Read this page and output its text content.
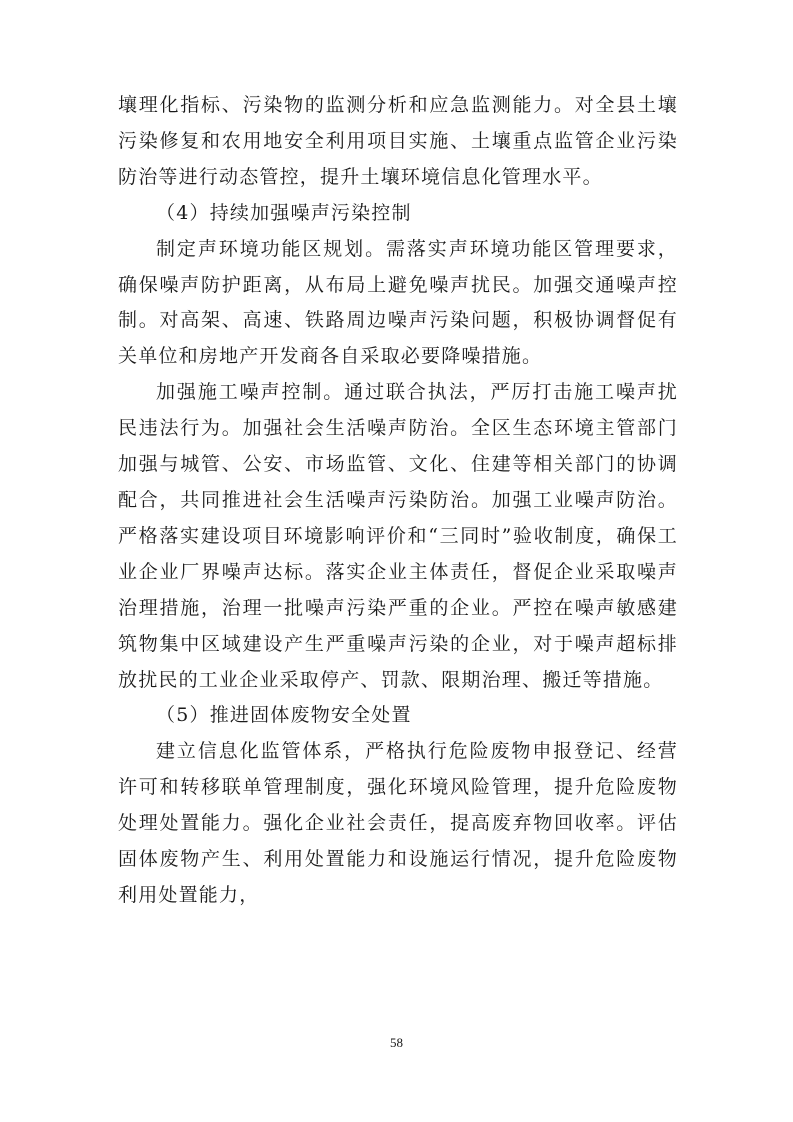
壤理化指标、污染物的监测分析和应急监测能力。对全县土壤污染修复和农用地安全利用项目实施、土壤重点监管企业污染防治等进行动态管控，提升土壤环境信息化管理水平。

（4）持续加强噪声污染控制

制定声环境功能区规划。需落实声环境功能区管理要求，确保噪声防护距离，从布局上避免噪声扰民。加强交通噪声控制。对高架、高速、铁路周边噪声污染问题，积极协调督促有关单位和房地产开发商各自采取必要降噪措施。

加强施工噪声控制。通过联合执法，严厉打击施工噪声扰民违法行为。加强社会生活噪声防治。全区生态环境主管部门加强与城管、公安、市场监管、文化、住建等相关部门的协调配合，共同推进社会生活噪声污染防治。加强工业噪声防治。严格落实建设项目环境影响评价和“三同时”验收制度，确保工业企业厂界噪声达标。落实企业主体责任，督促企业采取噪声治理措施，治理一批噪声污染严重的企业。严控在噪声敏感建筑物集中区域建设产生严重噪声污染的企业，对于噪声超标排放扰民的工业企业采取停产、罚款、限期治理、搬迁等措施。

（5）推进固体废物安全处置

建立信息化监管体系，严格执行危险废物申报登记、经营许可和转移联单管理制度，强化环境风险管理，提升危险废物处理处置能力。强化企业社会责任，提高废弃物回收率。评估固体废物产生、利用处置能力和设施运行情况，提升危险废物利用处置能力，

58
